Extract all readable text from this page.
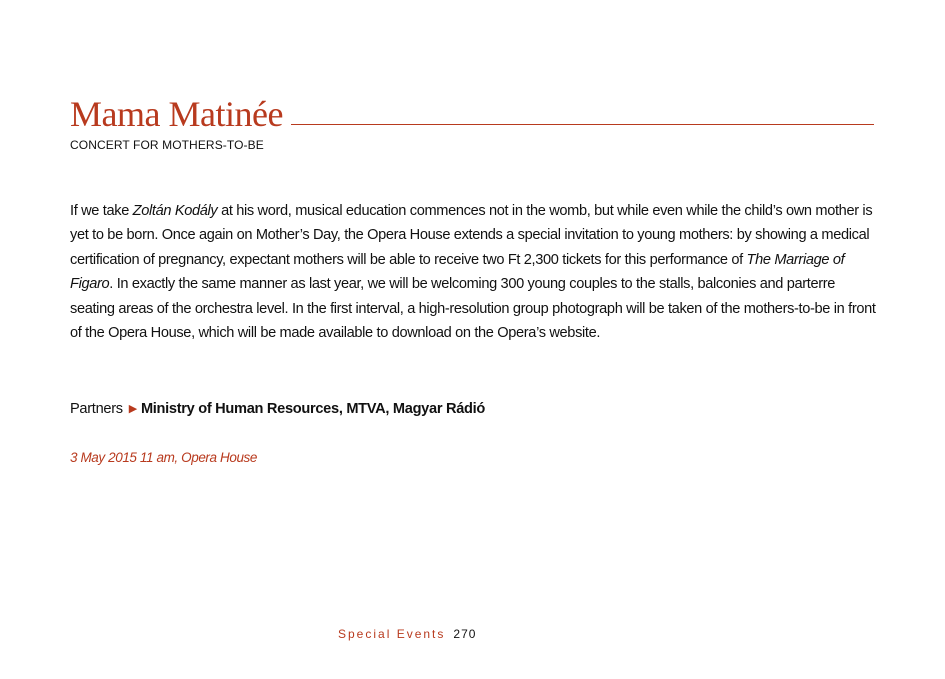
Mama Matinée
CONCERT FOR MOTHERS-TO-BE

If we take Zoltán Kodály at his word, musical education commences not in the womb, but while even while the child’s own mother is yet to be born. Once again on Mother’s Day, the Opera House extends a special invitation to young mothers: by showing a medical certification of pregnancy, expectant mothers will be able to receive two Ft 2,300 tickets for this performance of The Marriage of Figaro. In exactly the same manner as last year, we will be welcoming 300 young couples to the stalls, balconies and parterre seating areas of the orchestra level. In the first interval, a high-resolution group photograph will be taken of the mothers-to-be in front of the Opera House, which will be made available to download on the Opera’s website.

Partners ▶ Ministry of Human Resources, MTVA, Magyar Rádió
3 May 2015 11 am, Opera House
Special Events 270
